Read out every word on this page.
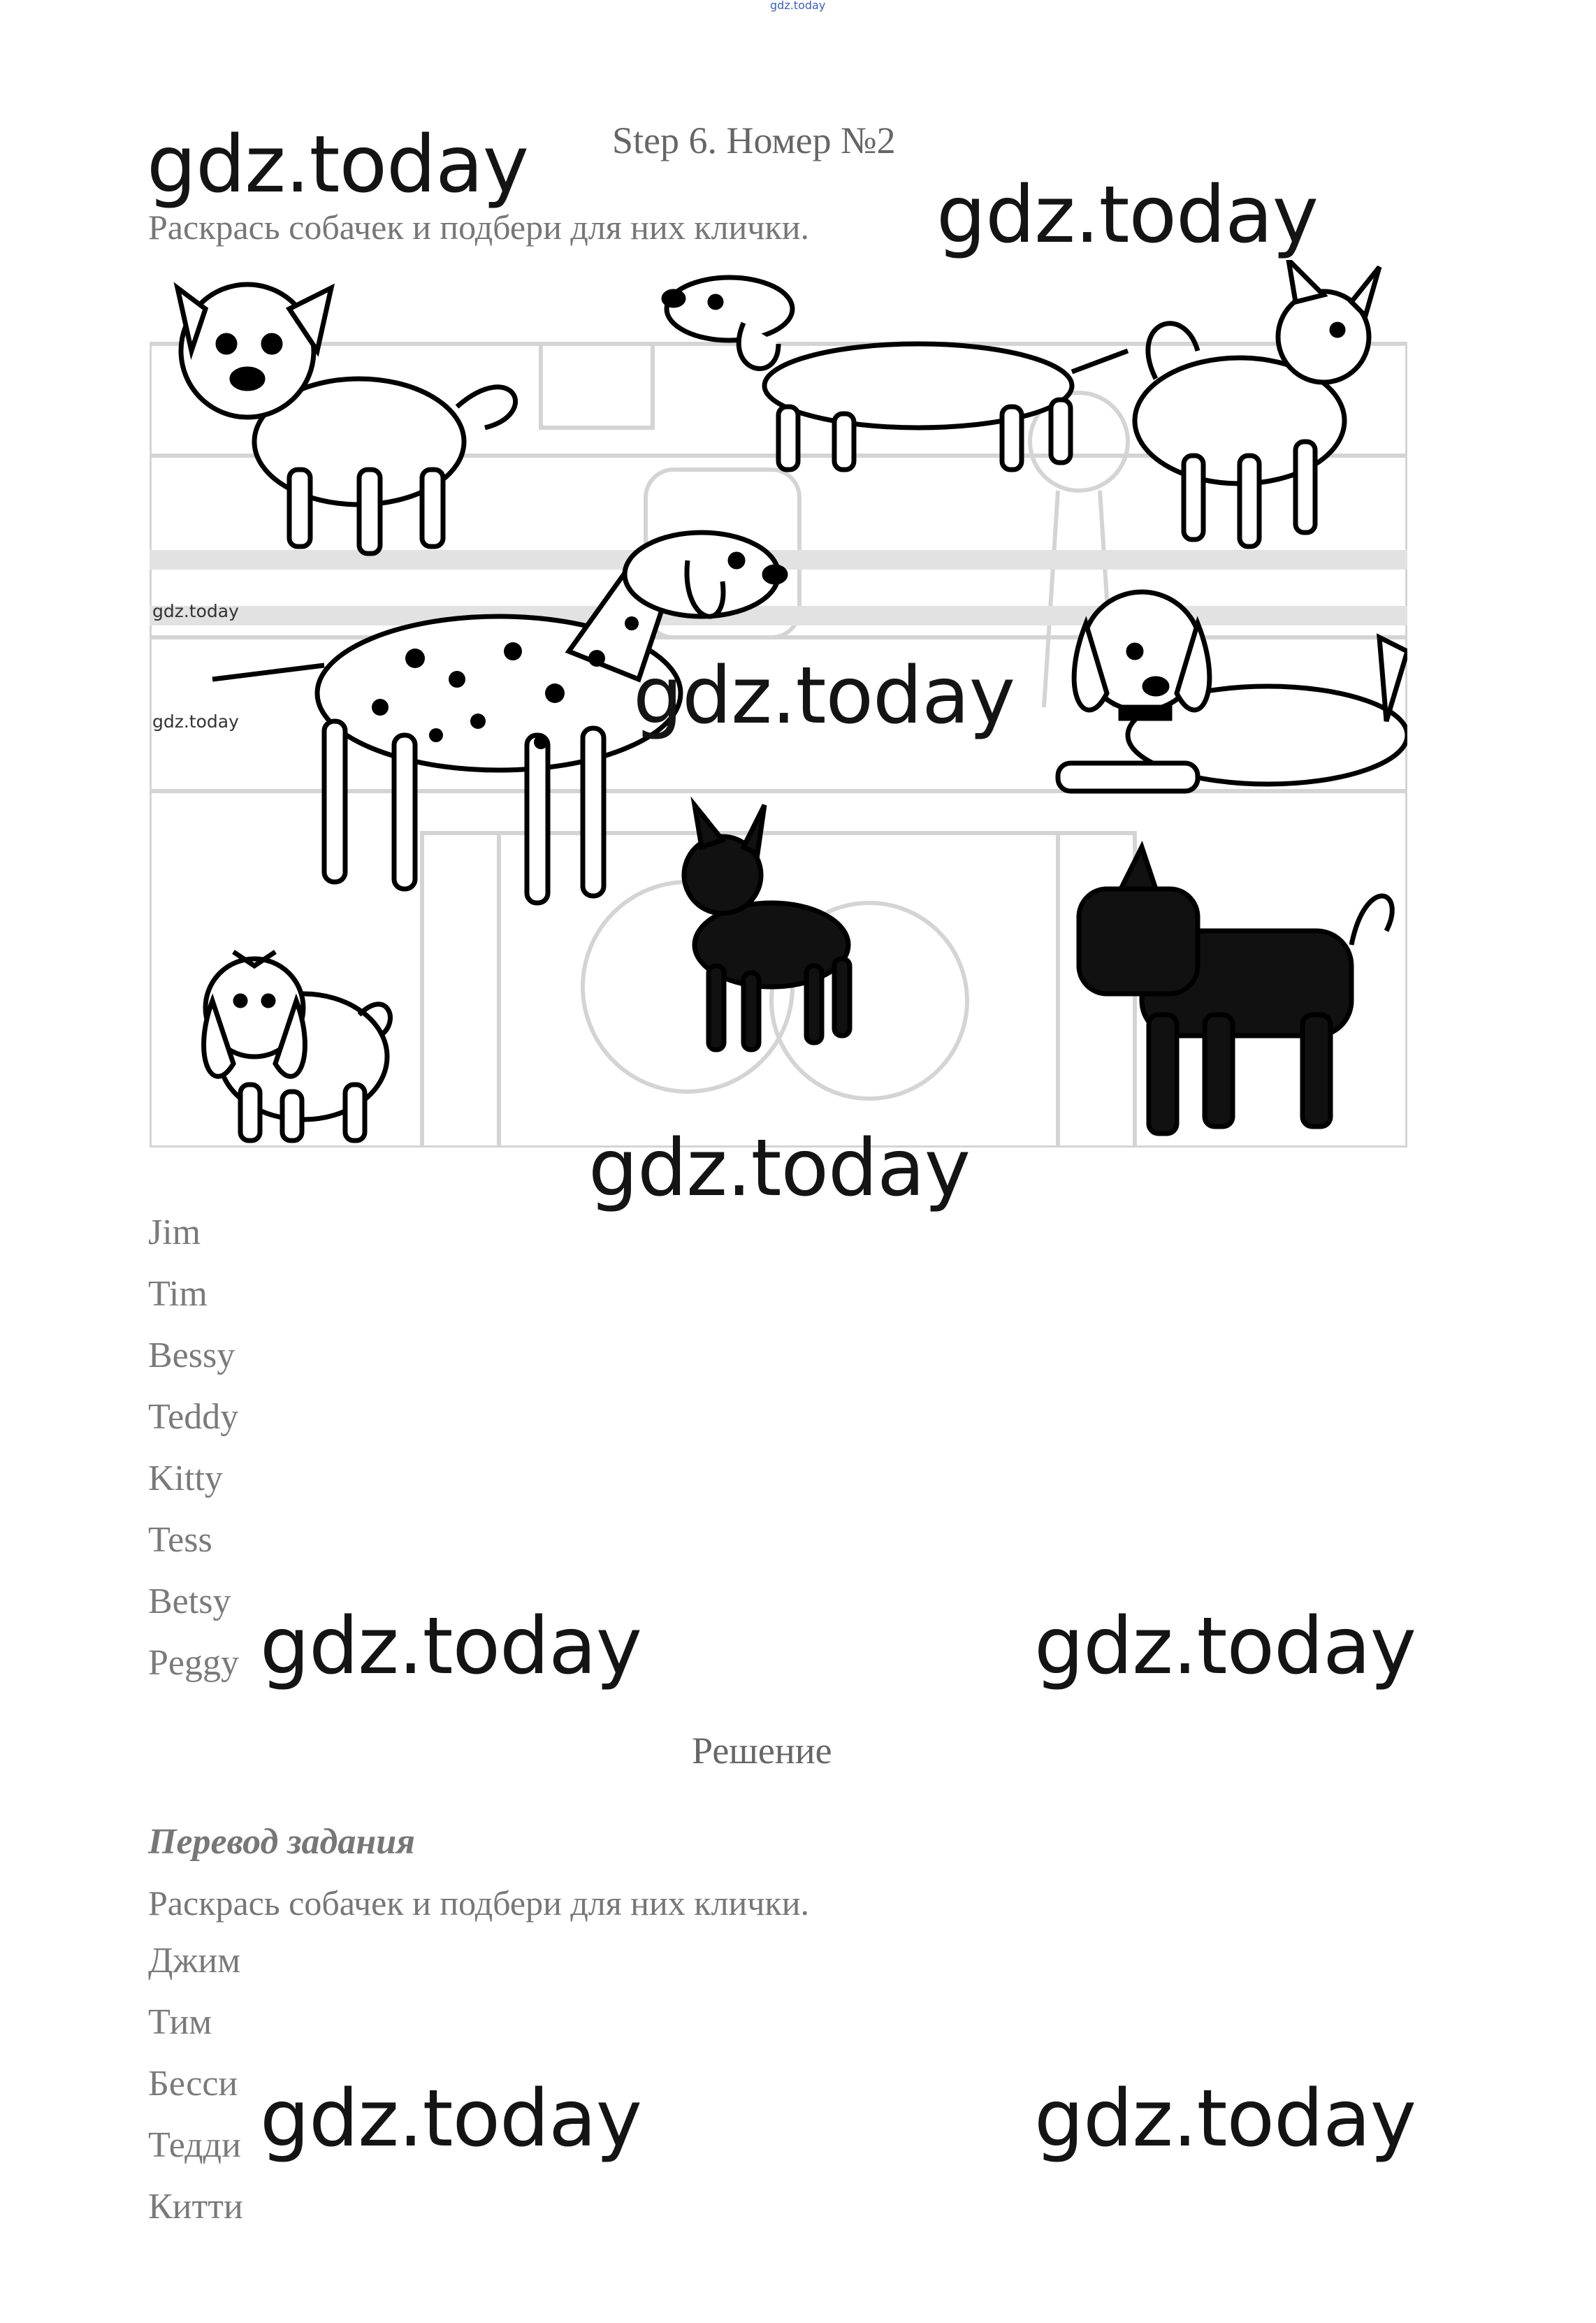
gdz.today
Step 6. Номер №2
gdz.today
gdz.today
Раскрась собачек и подбери для них клички.
gdz.today
gdz.today	gdz.today
gdz.today
Jim
Tim
Bessy
Teddy
Kitty
Tess
Betsy
Peggy gdz.today	gdz.today
Решение
Перевод задания
Раскрась собачек и подбери для них клички.
Джим
Тим
Бесси
Тедди
Китти
gdz.today	gdz.today
